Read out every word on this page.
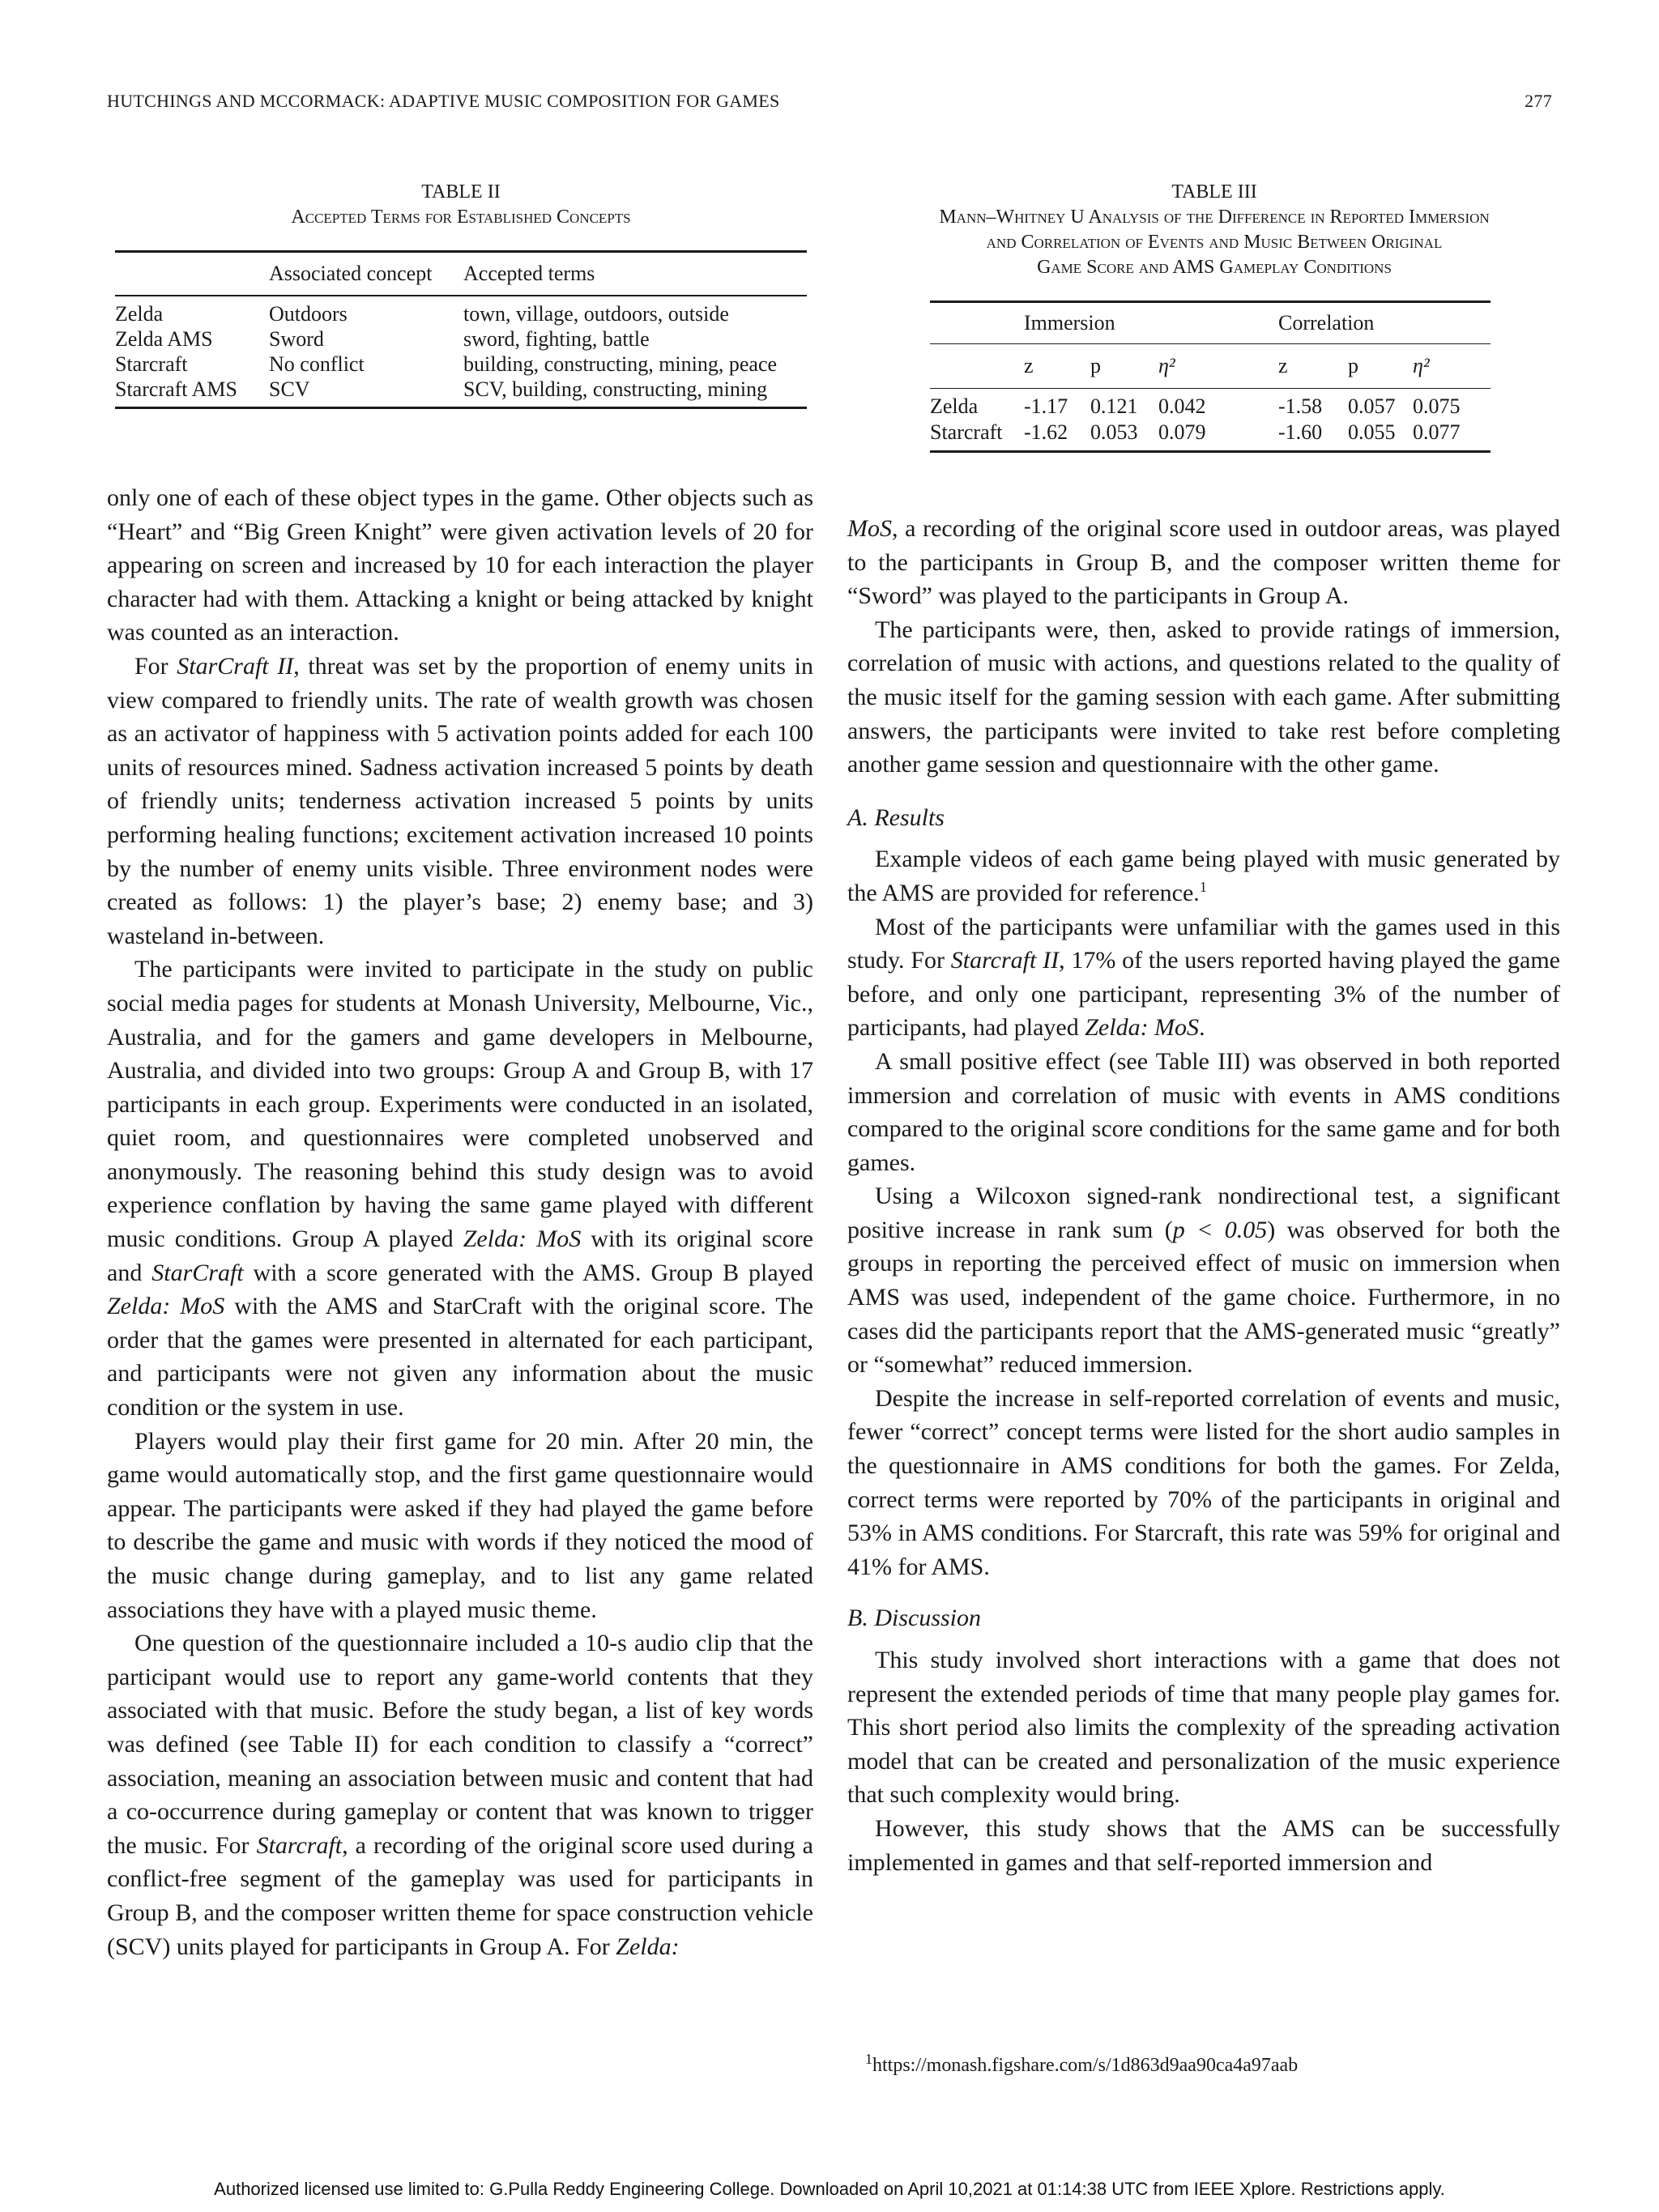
HUTCHINGS AND MCCORMACK: ADAPTIVE MUSIC COMPOSITION FOR GAMES	277
TABLE II
Accepted Terms for Established Concepts
	Associated concept	Accepted terms
Zelda	Outdoors	town, village, outdoors, outside
Zelda AMS	Sword	sword, fighting, battle
Starcraft	No conflict	building, constructing, mining, peace
Starcraft AMS	SCV	SCV, building, constructing, mining
TABLE III
Mann–Whitney U Analysis of the Difference in Reported Immersion
and Correlation of Events and Music Between Original
Game Score and AMS Gameplay Conditions
	Immersion			Correlation		
	z	p	η²	z	p	η²
Zelda	-1.17	0.121	0.042	-1.58	0.057	0.075
Starcraft	-1.62	0.053	0.079	-1.60	0.055	0.077

only one of each of these object types in the game. Other objects such as “Heart” and “Big Green Knight” were given activation levels of 20 for appearing on screen and increased by 10 for each interaction the player character had with them. Attacking a knight or being attacked by knight was counted as an interaction.

For StarCraft II, threat was set by the proportion of enemy units in view compared to friendly units. The rate of wealth growth was chosen as an activator of happiness with 5 activation points added for each 100 units of resources mined. Sadness activation increased 5 points by death of friendly units; tenderness activation increased 5 points by units performing healing functions; excitement activation increased 10 points by the number of enemy units visible. Three environment nodes were created as follows: 1) the player’s base; 2) enemy base; and 3) wasteland in-between.

The participants were invited to participate in the study on public social media pages for students at Monash University, Melbourne, Vic., Australia, and for the gamers and game developers in Melbourne, Australia, and divided into two groups: Group A and Group B, with 17 participants in each group. Experiments were conducted in an isolated, quiet room, and questionnaires were completed unobserved and anonymously. The reasoning behind this study design was to avoid experience conflation by having the same game played with different music conditions. Group A played Zelda: MoS with its original score and StarCraft with a score generated with the AMS. Group B played Zelda: MoS with the AMS and StarCraft with the original score. The order that the games were presented in alternated for each participant, and participants were not given any information about the music condition or the system in use.

Players would play their first game for 20 min. After 20 min, the game would automatically stop, and the first game questionnaire would appear. The participants were asked if they had played the game before to describe the game and music with words if they noticed the mood of the music change during gameplay, and to list any game related associations they have with a played music theme.

One question of the questionnaire included a 10-s audio clip that the participant would use to report any game-world contents that they associated with that music. Before the study began, a list of key words was defined (see Table II) for each condition to classify a “correct” association, meaning an association between music and content that had a co-occurrence during gameplay or content that was known to trigger the music. For Starcraft, a recording of the original score used during a conflict-free segment of the gameplay was used for participants in Group B, and the composer written theme for space construction vehicle (SCV) units played for participants in Group A. For Zelda:

MoS, a recording of the original score used in outdoor areas, was played to the participants in Group B, and the composer written theme for “Sword” was played to the participants in Group A.

The participants were, then, asked to provide ratings of immersion, correlation of music with actions, and questions related to the quality of the music itself for the gaming session with each game. After submitting answers, the participants were invited to take rest before completing another game session and questionnaire with the other game.

A. Results

Example videos of each game being played with music generated by the AMS are provided for reference.$^1$

Most of the participants were unfamiliar with the games used in this study. For Starcraft II, 17% of the users reported having played the game before, and only one participant, representing 3% of the number of participants, had played Zelda: MoS.

A small positive effect (see Table III) was observed in both reported immersion and correlation of music with events in AMS conditions compared to the original score conditions for the same game and for both games.

Using a Wilcoxon signed-rank nondirectional test, a significant positive increase in rank sum (p < 0.05) was observed for both the groups in reporting the perceived effect of music on immersion when AMS was used, independent of the game choice. Furthermore, in no cases did the participants report that the AMS-generated music “greatly” or “somewhat” reduced immersion.

Despite the increase in self-reported correlation of events and music, fewer “correct” concept terms were listed for the short audio samples in the questionnaire in AMS conditions for both the games. For Zelda, correct terms were reported by 70% of the participants in original and 53% in AMS conditions. For Starcraft, this rate was 59% for original and 41% for AMS.

B. Discussion

This study involved short interactions with a game that does not represent the extended periods of time that many people play games for. This short period also limits the complexity of the spreading activation model that can be created and personalization of the music experience that such complexity would bring.

However, this study shows that the AMS can be successfully implemented in games and that self-reported immersion and

$^1$https://monash.figshare.com/s/1d863d9aa90ca4a97aab
Authorized licensed use limited to: G.Pulla Reddy Engineering College. Downloaded on April 10,2021 at 01:14:38 UTC from IEEE Xplore. Restrictions apply.
